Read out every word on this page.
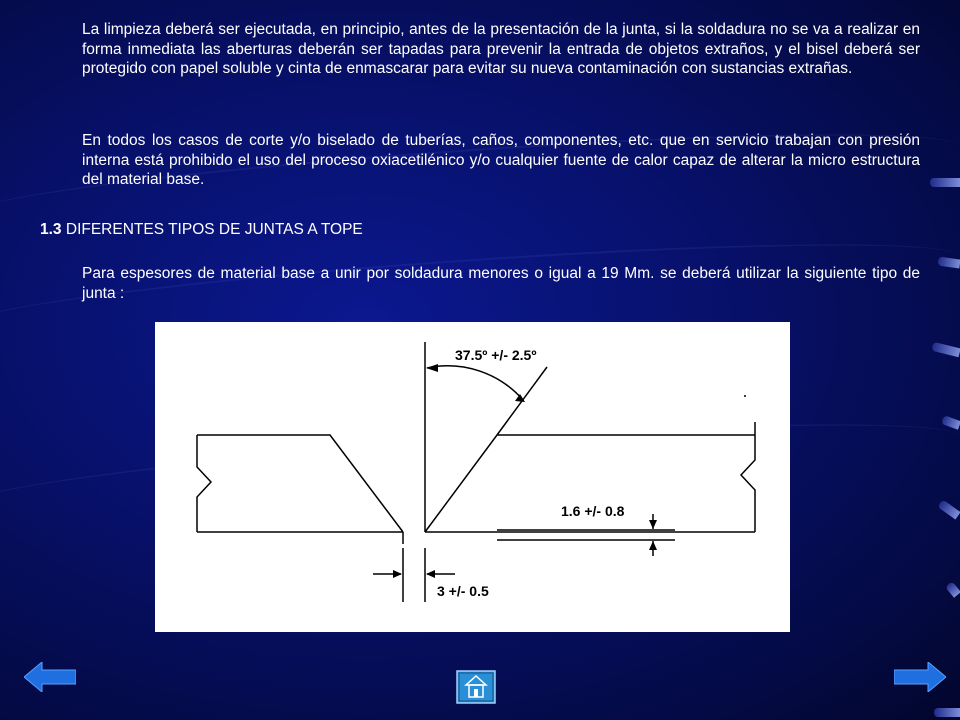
La limpieza deberá ser ejecutada, en principio, antes de la presentación de la junta, si la soldadura no se va a realizar en forma inmediata las aberturas deberán ser tapadas para prevenir la entrada de objetos extraños, y el bisel deberá ser protegido con papel soluble y cinta de enmascarar para evitar su nueva contaminación con sustancias extrañas.

En todos los casos de corte y/o biselado de tuberías, caños, componentes, etc. que en servicio trabajan con presión interna está prohibido el uso del proceso oxiacetilénico y/o cualquier fuente de calor capaz de alterar la micro estructura del material base.

1.3 DIFERENTES TIPOS DE JUNTAS A TOPE

Para espesores de material base a unir por soldadura menores o igual a 19 Mm. se deberá utilizar la siguiente tipo de junta :

37.5º +/- 2.5º
1.6 +/- 0.8
3 +/- 0.5
